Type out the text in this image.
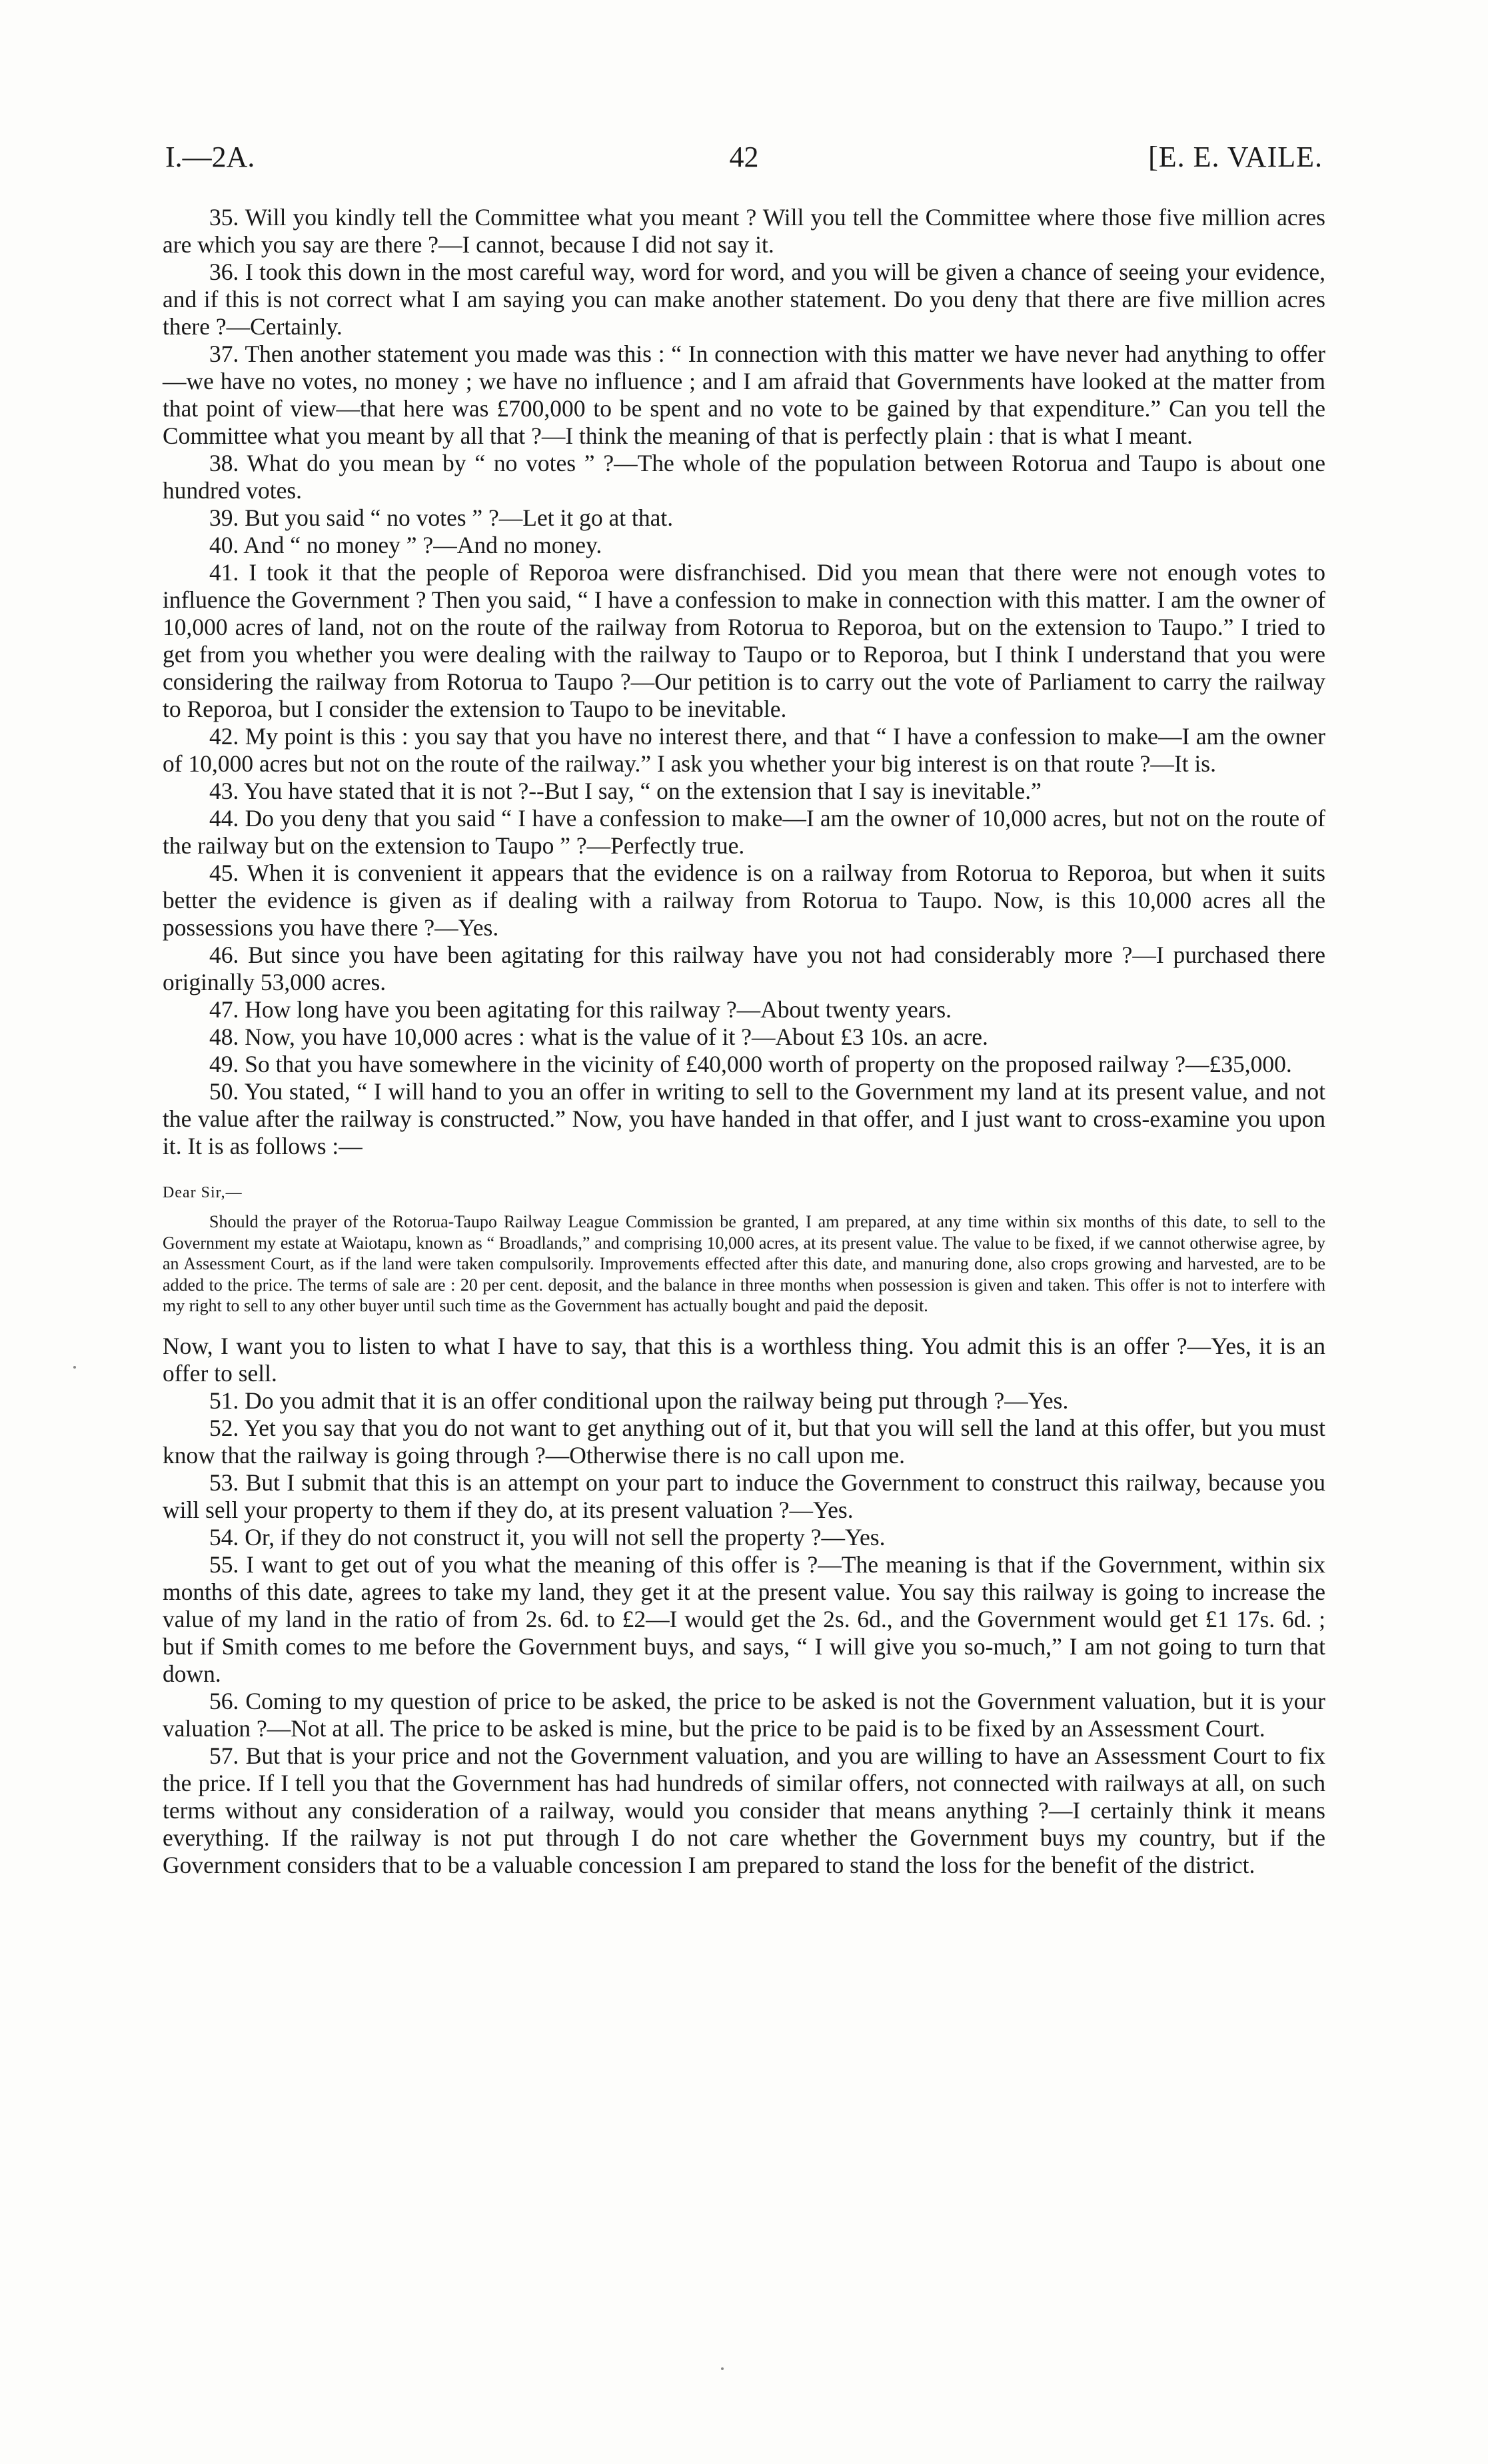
I.—2A.	42	[E. E. VAILE.

35. Will you kindly tell the Committee what you meant ? Will you tell the Committee where those five million acres are which you say are there ?—I cannot, because I did not say it.

36. I took this down in the most careful way, word for word, and you will be given a chance of seeing your evidence, and if this is not correct what I am saying you can make another statement. Do you deny that there are five million acres there ?—Certainly.

37. Then another statement you made was this : “ In connection with this matter we have never had anything to offer—we have no votes, no money ; we have no influence ; and I am afraid that Governments have looked at the matter from that point of view—that here was £700,000 to be spent and no vote to be gained by that expenditure.” Can you tell the Committee what you meant by all that ?—I think the meaning of that is perfectly plain : that is what I meant.

38. What do you mean by “ no votes ” ?—The whole of the population between Rotorua and Taupo is about one hundred votes.

39. But you said “ no votes ” ?—Let it go at that.

40. And “ no money ” ?—And no money.

41. I took it that the people of Reporoa were disfranchised. Did you mean that there were not enough votes to influence the Government ? Then you said, “ I have a confession to make in connection with this matter. I am the owner of 10,000 acres of land, not on the route of the railway from Rotorua to Reporoa, but on the extension to Taupo.” I tried to get from you whether you were dealing with the railway to Taupo or to Reporoa, but I think I understand that you were considering the railway from Rotorua to Taupo ?—Our petition is to carry out the vote of Parliament to carry the railway to Reporoa, but I consider the extension to Taupo to be inevitable.

42. My point is this : you say that you have no interest there, and that “ I have a confession to make—I am the owner of 10,000 acres but not on the route of the railway.” I ask you whether your big interest is on that route ?—It is.

43. You have stated that it is not ?--But I say, “ on the extension that I say is inevitable.”

44. Do you deny that you said “ I have a confession to make—I am the owner of 10,000 acres, but not on the route of the railway but on the extension to Taupo ” ?—Perfectly true.

45. When it is convenient it appears that the evidence is on a railway from Rotorua to Reporoa, but when it suits better the evidence is given as if dealing with a railway from Rotorua to Taupo. Now, is this 10,000 acres all the possessions you have there ?—Yes.

46. But since you have been agitating for this railway have you not had considerably more ?—I purchased there originally 53,000 acres.

47. How long have you been agitating for this railway ?—About twenty years.

48. Now, you have 10,000 acres : what is the value of it ?—About £3 10s. an acre.

49. So that you have somewhere in the vicinity of £40,000 worth of property on the proposed railway ?—£35,000.

50. You stated, “ I will hand to you an offer in writing to sell to the Government my land at its present value, and not the value after the railway is constructed.” Now, you have handed in that offer, and I just want to cross-examine you upon it. It is as follows :—

Dear Sir,—

Should the prayer of the Rotorua-Taupo Railway League Commission be granted, I am prepared, at any time within six months of this date, to sell to the Government my estate at Waiotapu, known as “ Broadlands,” and comprising 10,000 acres, at its present value. The value to be fixed, if we cannot otherwise agree, by an Assessment Court, as if the land were taken compulsorily. Improvements effected after this date, and manuring done, also crops growing and harvested, are to be added to the price. The terms of sale are : 20 per cent. deposit, and the balance in three months when possession is given and taken. This offer is not to interfere with my right to sell to any other buyer until such time as the Government has actually bought and paid the deposit.

Now, I want you to listen to what I have to say, that this is a worthless thing. You admit this is an offer ?—Yes, it is an offer to sell.

51. Do you admit that it is an offer conditional upon the railway being put through ?—Yes.

52. Yet you say that you do not want to get anything out of it, but that you will sell the land at this offer, but you must know that the railway is going through ?—Otherwise there is no call upon me.

53. But I submit that this is an attempt on your part to induce the Government to construct this railway, because you will sell your property to them if they do, at its present valuation ?—Yes.

54. Or, if they do not construct it, you will not sell the property ?—Yes.

55. I want to get out of you what the meaning of this offer is ?—The meaning is that if the Government, within six months of this date, agrees to take my land, they get it at the present value. You say this railway is going to increase the value of my land in the ratio of from 2s. 6d. to £2—I would get the 2s. 6d., and the Government would get £1 17s. 6d. ; but if Smith comes to me before the Government buys, and says, “ I will give you so-much,” I am not going to turn that down.

56. Coming to my question of price to be asked, the price to be asked is not the Government valuation, but it is your valuation ?—Not at all. The price to be asked is mine, but the price to be paid is to be fixed by an Assessment Court.

57. But that is your price and not the Government valuation, and you are willing to have an Assessment Court to fix the price. If I tell you that the Government has had hundreds of similar offers, not connected with railways at all, on such terms without any consideration of a railway, would you consider that means anything ?—I certainly think it means everything. If the railway is not put through I do not care whether the Government buys my country, but if the Government considers that to be a valuable concession I am prepared to stand the loss for the benefit of the district.
